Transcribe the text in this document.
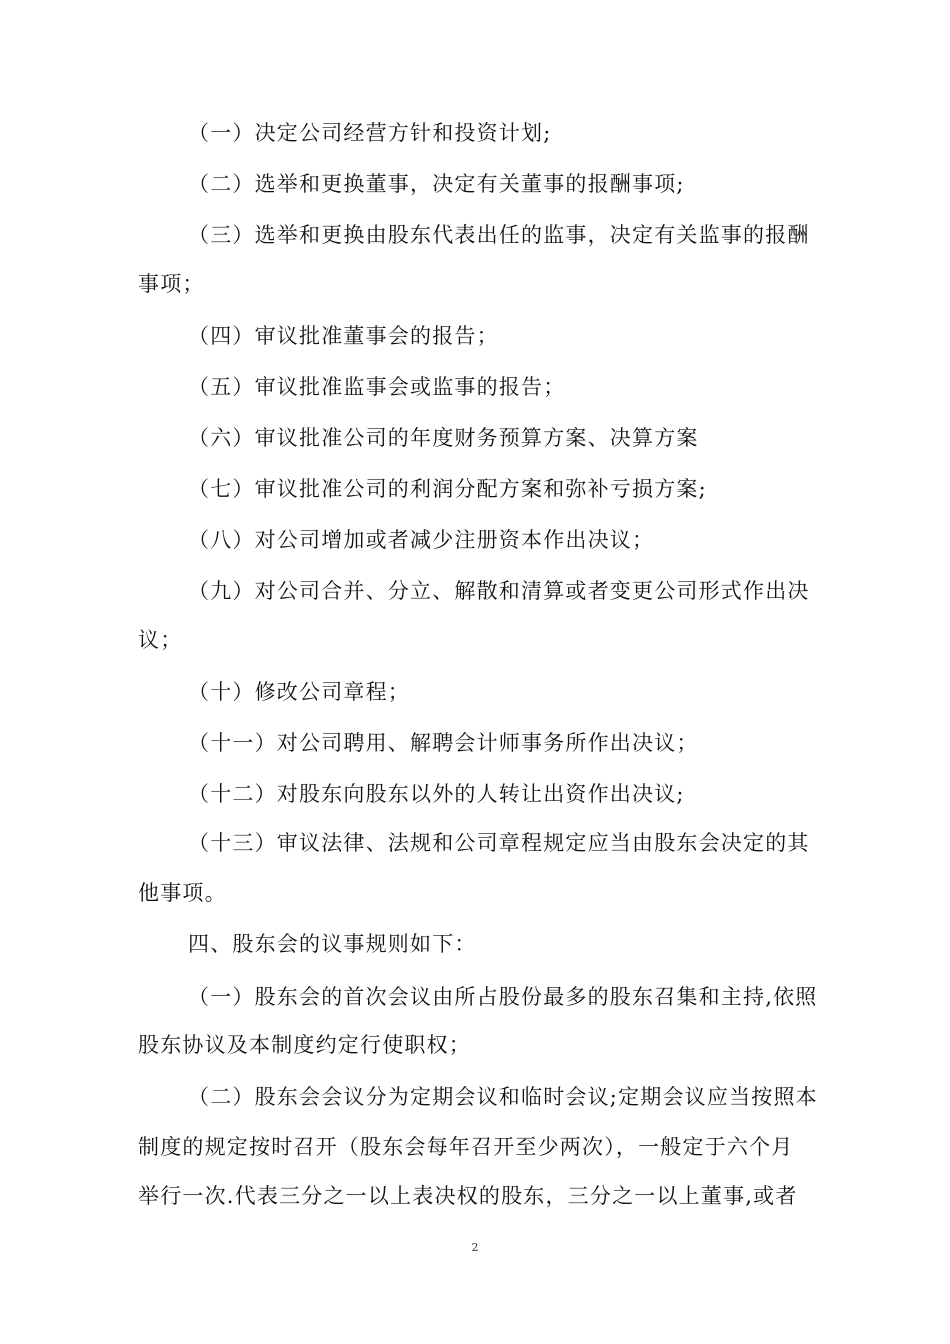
（一）决定公司经营方针和投资计划;
（二）选举和更换董事，决定有关董事的报酬事项;
（三）选举和更换由股东代表出任的监事，决定有关监事的报酬
事项；
（四）审议批准董事会的报告；
（五）审议批准监事会或监事的报告；
（六）审议批准公司的年度财务预算方案、决算方案
（七）审议批准公司的利润分配方案和弥补亏损方案;
（八）对公司增加或者减少注册资本作出决议；
（九）对公司合并、分立、解散和清算或者变更公司形式作出决
议；
（十）修改公司章程；
（十一）对公司聘用、解聘会计师事务所作出决议；
（十二）对股东向股东以外的人转让出资作出决议;
（十三）审议法律、法规和公司章程规定应当由股东会决定的其
他事项。
四、股东会的议事规则如下：
（一）股东会的首次会议由所占股份最多的股东召集和主持,依照
股东协议及本制度约定行使职权；
（二）股东会会议分为定期会议和临时会议;定期会议应当按照本
制度的规定按时召开（股东会每年召开至少两次），一般定于六个月
举行一次.代表三分之一以上表决权的股东，三分之一以上董事,或者
2
